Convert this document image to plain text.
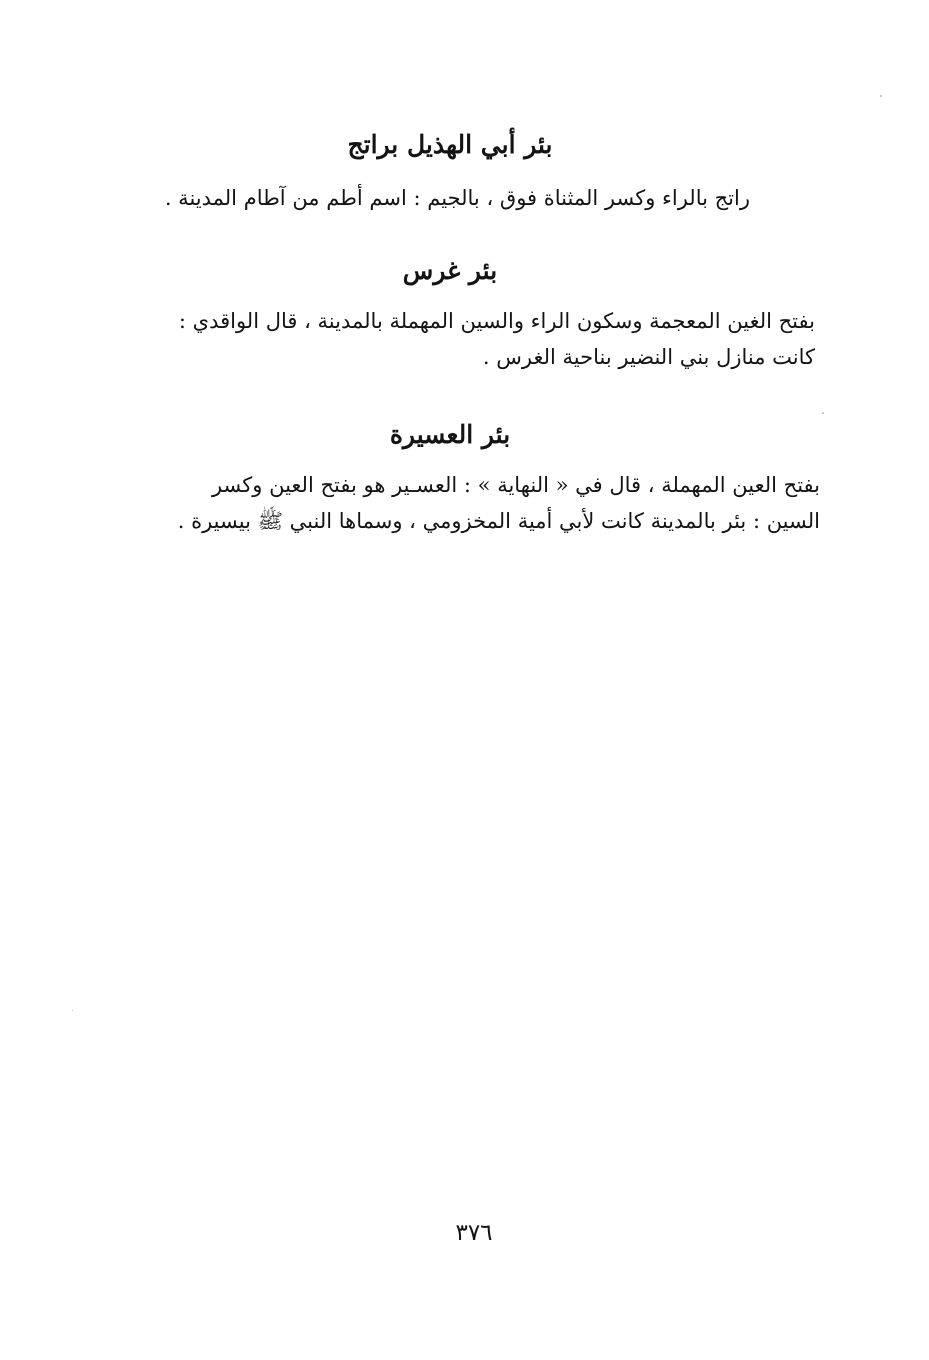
بئر أبي الهذيل براتج

راتج بالراء وكسر المثناة فوق ، بالجيم : اسم أطم من آطام المدينة .

بئر غرس

بفتح الغين المعجمة وسكون الراء والسين المهملة بالمدينة ، قال الواقدي :
كانت منازل بني النضير بناحية الغرس .

بئر العسيرة

بفتح العين المهملة ، قال في « النهاية » : العسـير هو بفتح العين وكسر
السين : بئر بالمدينة كانت لأبي أمية المخزومي ، وسماها النبي ﷺ بيسيرة .

٣٧٦
